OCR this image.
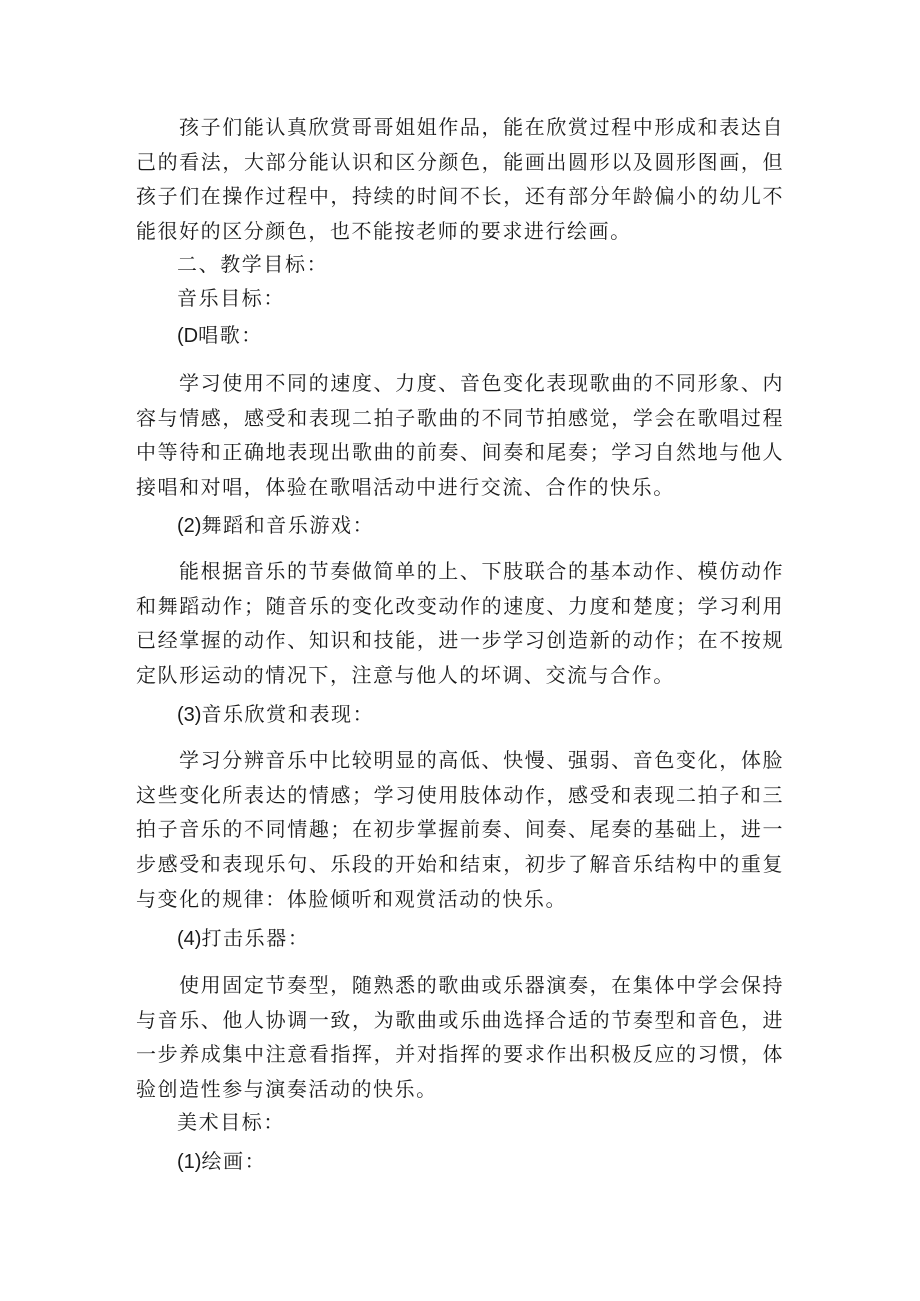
孩子们能认真欣赏哥哥姐姐作品，能在欣赏过程中形成和表达自己的看法，大部分能认识和区分颜色，能画出圆形以及圆形图画，但孩子们在操作过程中，持续的时间不长，还有部分年龄偏小的幼儿不能很好的区分颜色，也不能按老师的要求进行绘画。

二、教学目标：
音乐目标：
(D唱歌：

学习使用不同的速度、力度、音色变化表现歌曲的不同形象、内容与情感，感受和表现二拍子歌曲的不同节拍感觉，学会在歌唱过程中等待和正确地表现出歌曲的前奏、间奏和尾奏；学习自然地与他人接唱和对唱，体验在歌唱活动中进行交流、合作的快乐。

(2)舞蹈和音乐游戏：

能根据音乐的节奏做简单的上、下肢联合的基本动作、模仿动作和舞蹈动作；随音乐的变化改变动作的速度、力度和楚度；学习利用已经掌握的动作、知识和技能，进一步学习创造新的动作；在不按规定队形运动的情况下，注意与他人的坏调、交流与合作。

(3)音乐欣赏和表现：

学习分辨音乐中比较明显的高低、快慢、强弱、音色变化，体脸这些变化所表达的情感；学习使用肢体动作，感受和表现二拍子和三拍子音乐的不同情趣；在初步掌握前奏、间奏、尾奏的基础上，进一步感受和表现乐句、乐段的开始和结束，初步了解音乐结构中的重复与变化的规律：体脸倾听和观赏活动的快乐。

(4)打击乐器：

使用固定节奏型，随熟悉的歌曲或乐器演奏，在集体中学会保持与音乐、他人协调一致，为歌曲或乐曲选择合适的节奏型和音色，进一步养成集中注意看指挥，并对指挥的要求作出积极反应的习惯，体验创造性参与演奏活动的快乐。

美术目标：
(1)绘画：
